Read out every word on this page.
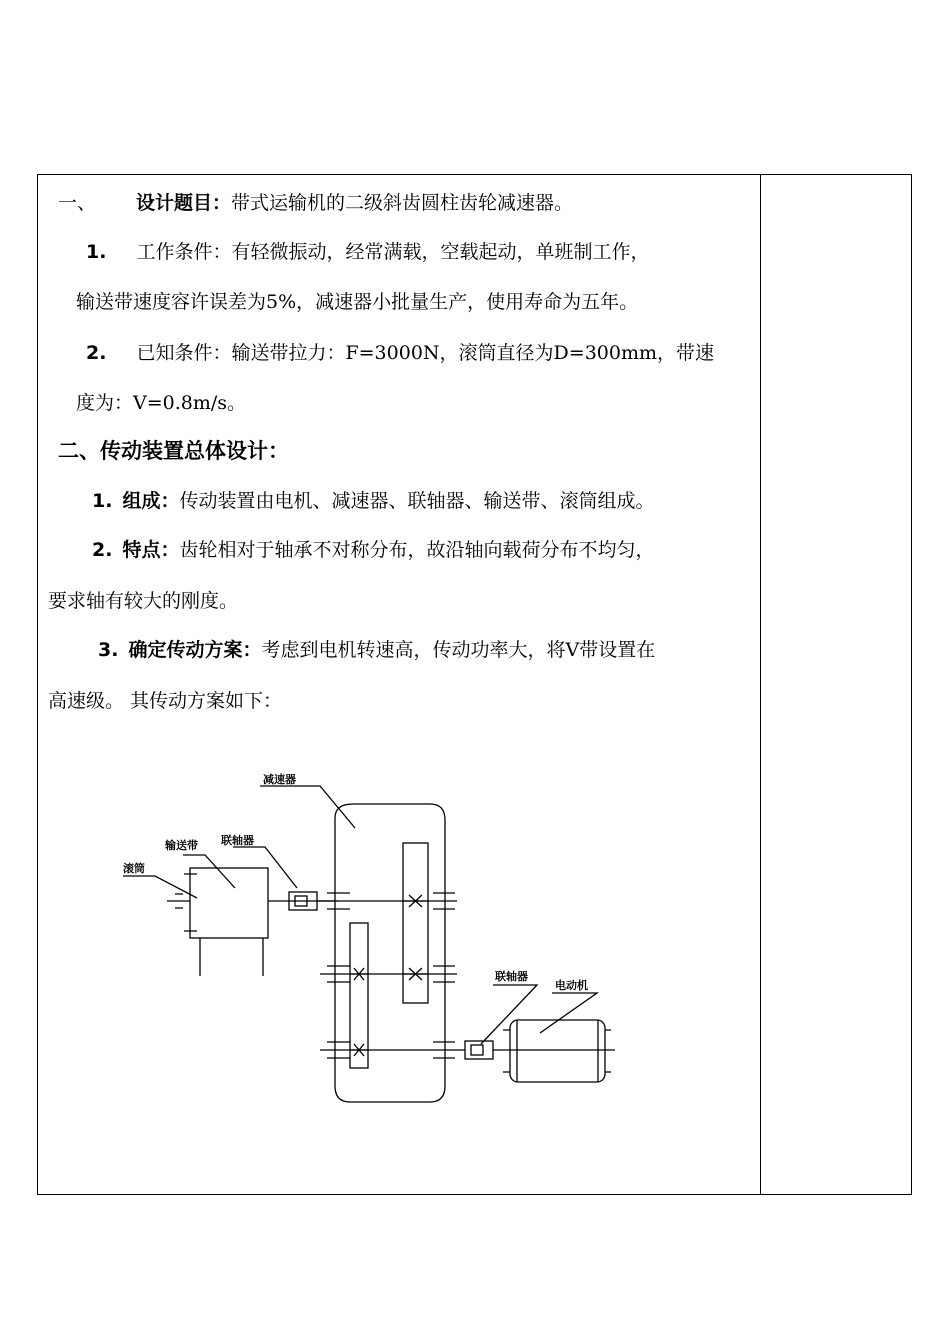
一、 设计题目：带式运输机的二级斜齿圆柱齿轮减速器。
1. 工作条件：有轻微振动，经常满载，空载起动，单班制工作，
输送带速度容许误差为5%，减速器小批量生产，使用寿命为五年。
2. 已知条件：输送带拉力：F=3000N，滚筒直径为D=300mm，带速
度为：V=0.8m/s。
二、传动装置总体设计：
1. 组成：传动装置由电机、减速器、联轴器、输送带、滚筒组成。
2. 特点：齿轮相对于轴承不对称分布，故沿轴向载荷分布不均匀，
要求轴有较大的刚度。
3. 确定传动方案：考虑到电机转速高，传动功率大，将V带设置在
高速级。 其传动方案如下：
减速器
输送带 联轴器
滚筒
联轴器
电动机
